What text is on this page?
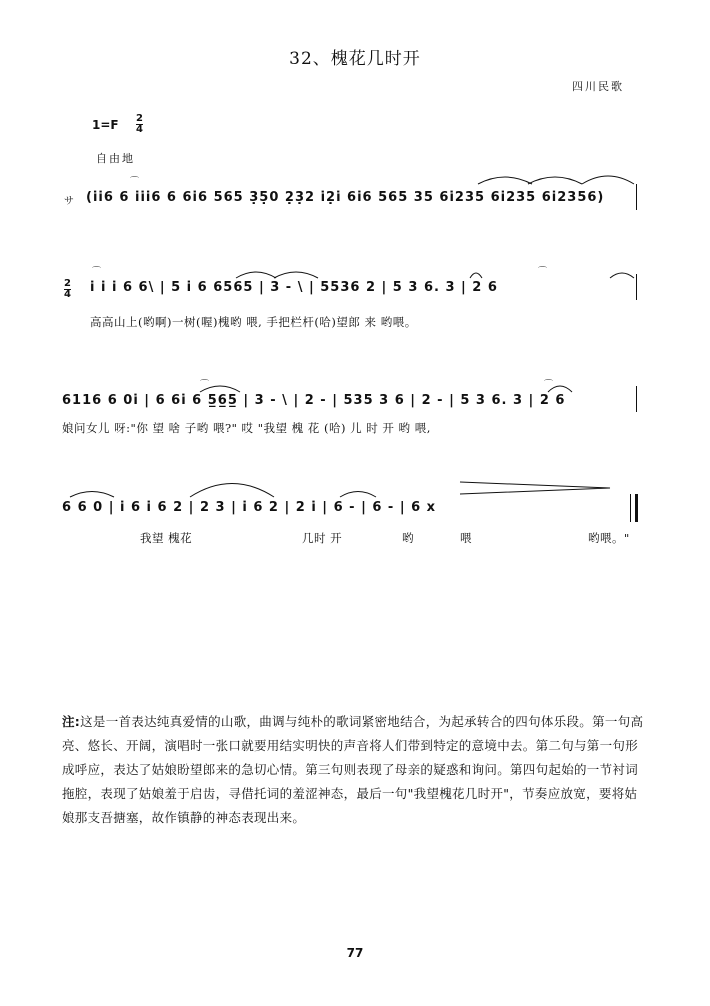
32、槐花几时开
四川民歌
1=F 2
4
自由地
サ (i̇i̇6 6 i̇i̇i̇6 6 6i̇6 565 3̣5̣0 2̣3̣2 i̇2̣i̇ 6i̇6 565 35 6i̇235 6i̇235 6i̇2356)
2
4 i̇ i̇ i̇ 6 6\ | 5 i̇ 6 6565 | 3 - \ | 5536 2 | 5 3 6. 3 | 2 6
高高山上(哟啊)一树(喔)槐哟 喂, 手把栏杆(哈)望郎 来 哟喂。
6116 6 0i̇ | 6 6i̇ 6 5̲6̲5̲ | 3 - \ | 2 - | 535 3 6 | 2 - | 5 3 6. 3 | 2 6
娘问女儿 呀:"你 望 啥 子哟 喂?" 哎 "我望 槐 花 (哈) 儿 时 开 哟 喂,
6 6 0 | i̇ 6 i̇ 6 2 | 2 3 | i̇ 6 2 | 2 i̇ | 6 - | 6 - | 6 x
我望 槐花	几时 开	哟	喂	哟喂。"
⌒
⌒	⌒
⌒	⌒
注:这是一首表达纯真爱情的山歌，曲调与纯朴的歌词紧密地结合，为起承转合的四句体乐段。第一句高亮、悠长、开阔，演唱时一张口就要用结实明快的声音将人们带到特定的意境中去。第二句与第一句形成呼应，表达了姑娘盼望郎来的急切心情。第三句则表现了母亲的疑惑和询问。第四句起始的一节衬词拖腔，表现了姑娘羞于启齿，寻借托词的羞涩神态，最后一句"我望槐花几时开"，节奏应放宽，要将姑娘那支吾搪塞，故作镇静的神态表现出来。
77
